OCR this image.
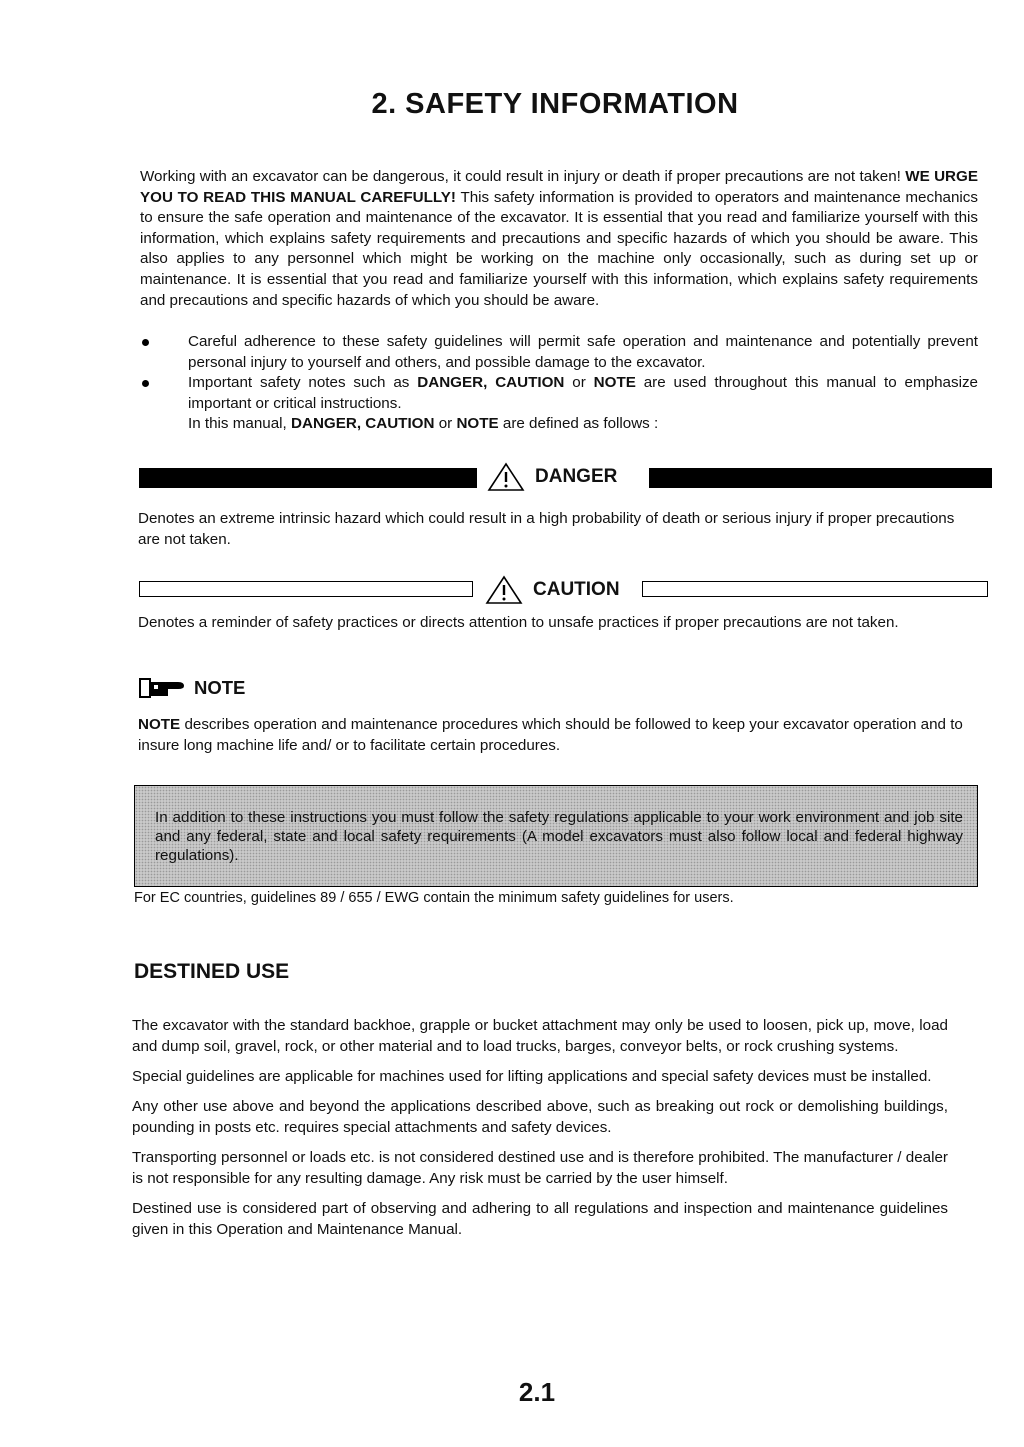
2. SAFETY INFORMATION

Working with an excavator can be dangerous, it could result in injury or death if proper precautions are not taken! WE URGE YOU TO READ THIS MANUAL CAREFULLY! This safety information is provided to operators and maintenance mechanics to ensure the safe operation and maintenance of the excavator. It is essential that you read and familiarize yourself with this information, which explains safety requirements and precautions and specific hazards of which you should be aware. This also applies to any personnel which might be working on the machine only occasionally, such as during set up or maintenance. It is essential that you read and familiarize yourself with this information, which explains safety requirements and precautions and specific hazards of which you should be aware.

Careful adherence to these safety guidelines will permit safe operation and maintenance and potentially prevent personal injury to yourself and others, and possible damage to the excavator.
Important safety notes such as DANGER, CAUTION or NOTE are used throughout this manual to emphasize important or critical instructions.
In this manual, DANGER, CAUTION or NOTE are defined as follows :
DANGER
Denotes an extreme intrinsic hazard which could result in a high probability of death or serious injury if proper precautions are not taken.
CAUTION
Denotes a reminder of safety practices or directs attention to unsafe practices if proper precautions are not taken.
NOTE
NOTE describes operation and maintenance procedures which should be followed to keep your excavator operation and to insure long machine life and/ or to facilitate certain procedures.
In addition to these instructions you must follow the safety regulations applicable to your work environment and job site and any federal, state and local safety requirements (A model excavators must also follow local and federal highway regulations).
For EC countries, guidelines 89 / 655 / EWG contain the minimum safety guidelines for users.
DESTINED USE

The excavator with the standard backhoe, grapple or bucket attachment may only be used to loosen, pick up, move, load and dump soil, gravel, rock, or other material and to load trucks, barges, conveyor belts, or rock crushing systems.

Special guidelines are applicable for machines used for lifting applications and special safety devices must be installed.

Any other use above and beyond the applications described above, such as breaking out rock or demolishing buildings, pounding in posts etc. requires special attachments and safety devices.

Transporting personnel or loads etc. is not considered destined use and is therefore prohibited. The manufacturer / dealer is not responsible for any resulting damage. Any risk must be carried by the user himself.

Destined use is considered part of observing and adhering to all regulations and inspection and maintenance guidelines given in this Operation and Maintenance Manual.

2.1
